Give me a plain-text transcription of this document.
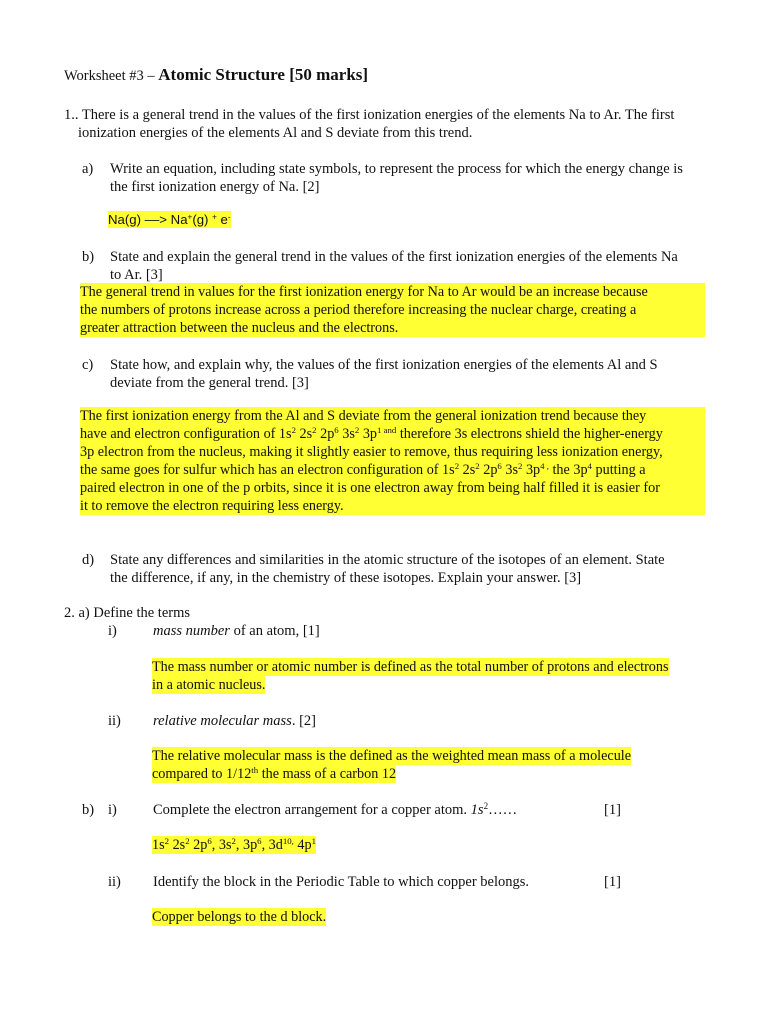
Worksheet #3 – Atomic Structure [50 marks]
1.. There is a general trend in the values of the first ionization energies of the elements Na to Ar. The first
ionization energies of the elements Al and S deviate from this trend.
a) Write an equation, including state symbols, to represent the process for which the energy change is
the first ionization energy of Na. [2]
Na(g) ––> Na+(g) + e-
b) State and explain the general trend in the values of the first ionization energies of the elements Na
to Ar. [3]
The general trend in values for the first ionization energy for Na to Ar would be an increase because
the numbers of protons increase across a period therefore increasing the nuclear charge, creating a
greater attraction between the nucleus and the electrons.
c) State how, and explain why, the values of the first ionization energies of the elements Al and S
deviate from the general trend. [3]
The first ionization energy from the Al and S deviate from the general ionization trend because they
have and electron configuration of $1s^2$ $2s^2$ $2p^6$ $3s^2$ $3p^{1 and}$ therefore 3s electrons shield the higher-energy
3p electron from the nucleus, making it slightly easier to remove, thus requiring less ionization energy,
the same goes for sulfur which has an electron configuration of $1s^2$ $2s^2$ $2p^6$ $3s^2$ $3p^{4 ,}$ the $3p^4$ putting a
paired electron in one of the p orbits, since it is one electron away from being half filled it is easier for
it to remove the electron requiring less energy.
d) State any differences and similarities in the atomic structure of the isotopes of an element. State
the difference, if any, in the chemistry of these isotopes. Explain your answer. [3]
2. a) Define the terms
i) mass number of an atom, [1]
The mass number or atomic number is defined as the total number of protons and electrons
in a atomic nucleus.
ii) relative molecular mass. [2]
The relative molecular mass is the defined as the weighted mean mass of a molecule
compared to 1/12th the mass of a carbon 12
b) i) Complete the electron arrangement for a copper atom. $1s^2\dots\dots$	[1]
$1s^2$ $2s^2$ $2p^6$, $3s^2$, $3p^6$, $3d^{10,}$ $4p^1$
ii) Identify the block in the Periodic Table to which copper belongs.	[1]
Copper belongs to the d block.
